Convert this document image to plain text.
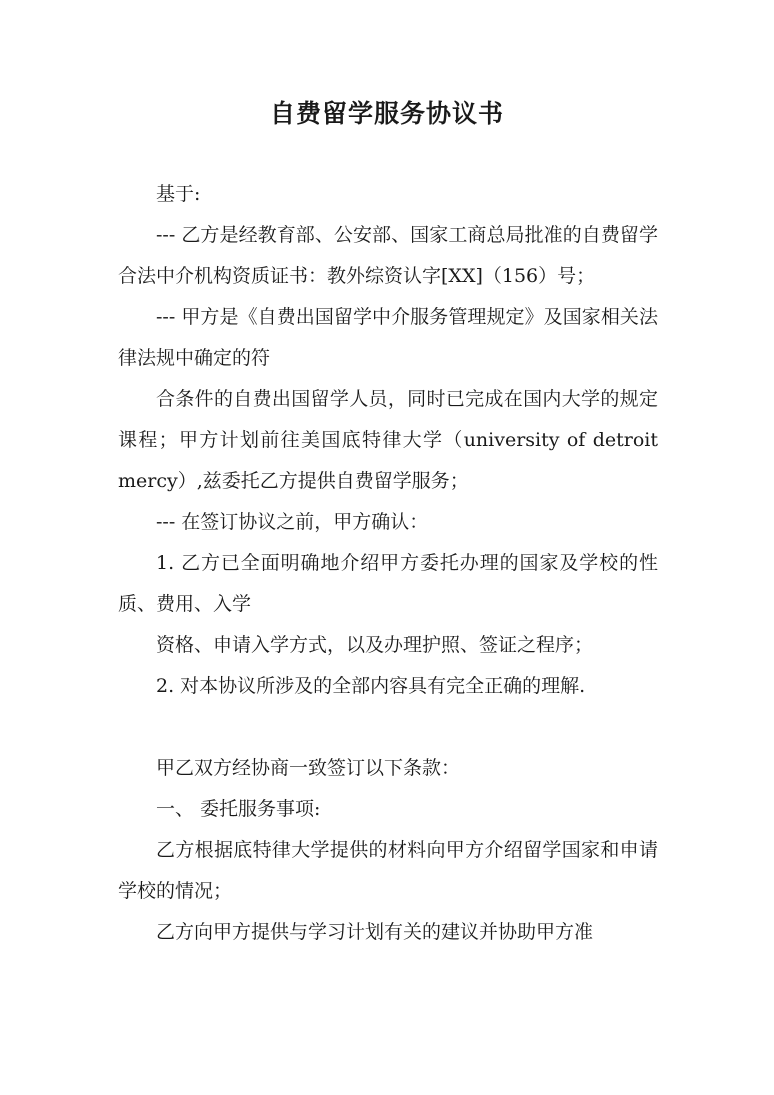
自费留学服务协议书

基于:

--- 乙方是经教育部、公安部、国家工商总局批准的自费留学合法中介机构资质证书：教外综资认字[XX]（156）号；

--- 甲方是《自费出国留学中介服务管理规定》及国家相关法律法规中确定的符

合条件的自费出国留学人员，同时已完成在国内大学的规定课程；甲方计划前往美国底特律大学（university of detroit mercy）,兹委托乙方提供自费留学服务；

--- 在签订协议之前，甲方确认：

1. 乙方已全面明确地介绍甲方委托办理的国家及学校的性质、费用、入学

资格、申请入学方式，以及办理护照、签证之程序；

2. 对本协议所涉及的全部内容具有完全正确的理解.

甲乙双方经协商一致签订以下条款：

一、 委托服务事项:

乙方根据底特律大学提供的材料向甲方介绍留学国家和申请学校的情况；

乙方向甲方提供与学习计划有关的建议并协助甲方准
